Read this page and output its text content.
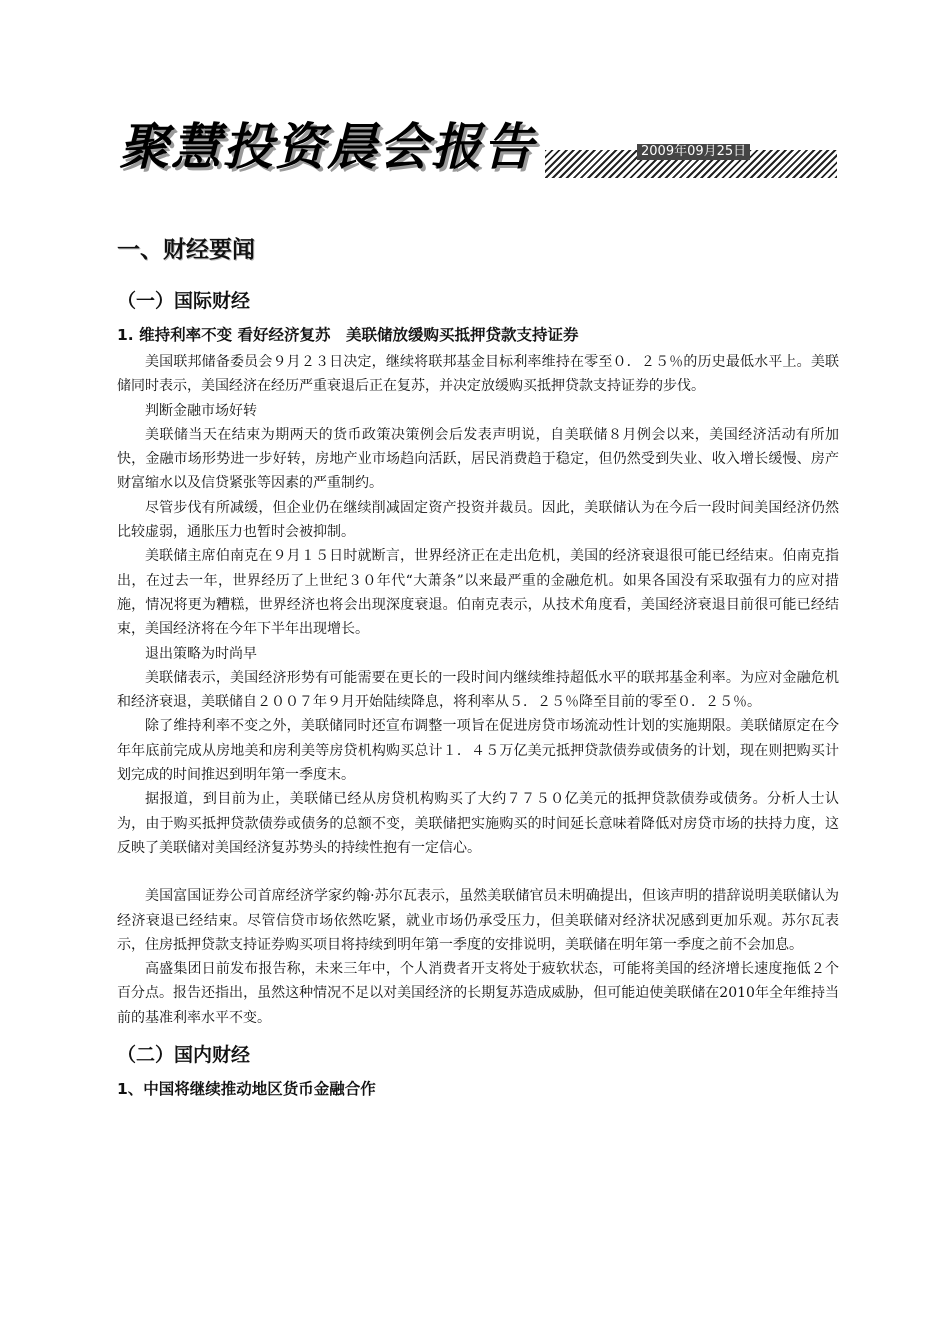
聚慧投资晨会报告	2009年09月25日
一、财经要闻
（一）国际财经
1. 维持利率不变 看好经济复苏　美联储放缓购买抵押贷款支持证券

美国联邦储备委员会９月２３日决定，继续将联邦基金目标利率维持在零至０．２５％的历史最低水平上。美联储同时表示，美国经济在经历严重衰退后正在复苏，并决定放缓购买抵押贷款支持证券的步伐。

判断金融市场好转

美联储当天在结束为期两天的货币政策决策例会后发表声明说，自美联储８月例会以来，美国经济活动有所加快，金融市场形势进一步好转，房地产业市场趋向活跃，居民消费趋于稳定，但仍然受到失业、收入增长缓慢、房产财富缩水以及信贷紧张等因素的严重制约。

尽管步伐有所减缓，但企业仍在继续削减固定资产投资并裁员。因此，美联储认为在今后一段时间美国经济仍然比较虚弱，通胀压力也暂时会被抑制。

美联储主席伯南克在９月１５日时就断言，世界经济正在走出危机，美国的经济衰退很可能已经结束。伯南克指出，在过去一年，世界经历了上世纪３０年代“大萧条”以来最严重的金融危机。如果各国没有采取强有力的应对措施，情况将更为糟糕，世界经济也将会出现深度衰退。伯南克表示，从技术角度看，美国经济衰退目前很可能已经结束，美国经济将在今年下半年出现增长。

退出策略为时尚早

美联储表示，美国经济形势有可能需要在更长的一段时间内继续维持超低水平的联邦基金利率。为应对金融危机和经济衰退，美联储自２００７年９月开始陆续降息，将利率从５．２５％降至目前的零至０．２５％。

除了维持利率不变之外，美联储同时还宣布调整一项旨在促进房贷市场流动性计划的实施期限。美联储原定在今年年底前完成从房地美和房利美等房贷机构购买总计１．４５万亿美元抵押贷款债券或债务的计划，现在则把购买计划完成的时间推迟到明年第一季度末。

据报道，到目前为止，美联储已经从房贷机构购买了大约７７５０亿美元的抵押贷款债券或债务。分析人士认为，由于购买抵押贷款债券或债务的总额不变，美联储把实施购买的时间延长意味着降低对房贷市场的扶持力度，这反映了美联储对美国经济复苏势头的持续性抱有一定信心。

美国富国证券公司首席经济学家约翰·苏尔瓦表示，虽然美联储官员未明确提出，但该声明的措辞说明美联储认为经济衰退已经结束。尽管信贷市场依然吃紧，就业市场仍承受压力，但美联储对经济状况感到更加乐观。苏尔瓦表示，住房抵押贷款支持证券购买项目将持续到明年第一季度的安排说明，美联储在明年第一季度之前不会加息。

高盛集团日前发布报告称，未来三年中，个人消费者开支将处于疲软状态，可能将美国的经济增长速度拖低２个百分点。报告还指出，虽然这种情况不足以对美国经济的长期复苏造成威胁，但可能迫使美联储在2010年全年维持当前的基准利率水平不变。

（二）国内财经
1、中国将继续推动地区货币金融合作
